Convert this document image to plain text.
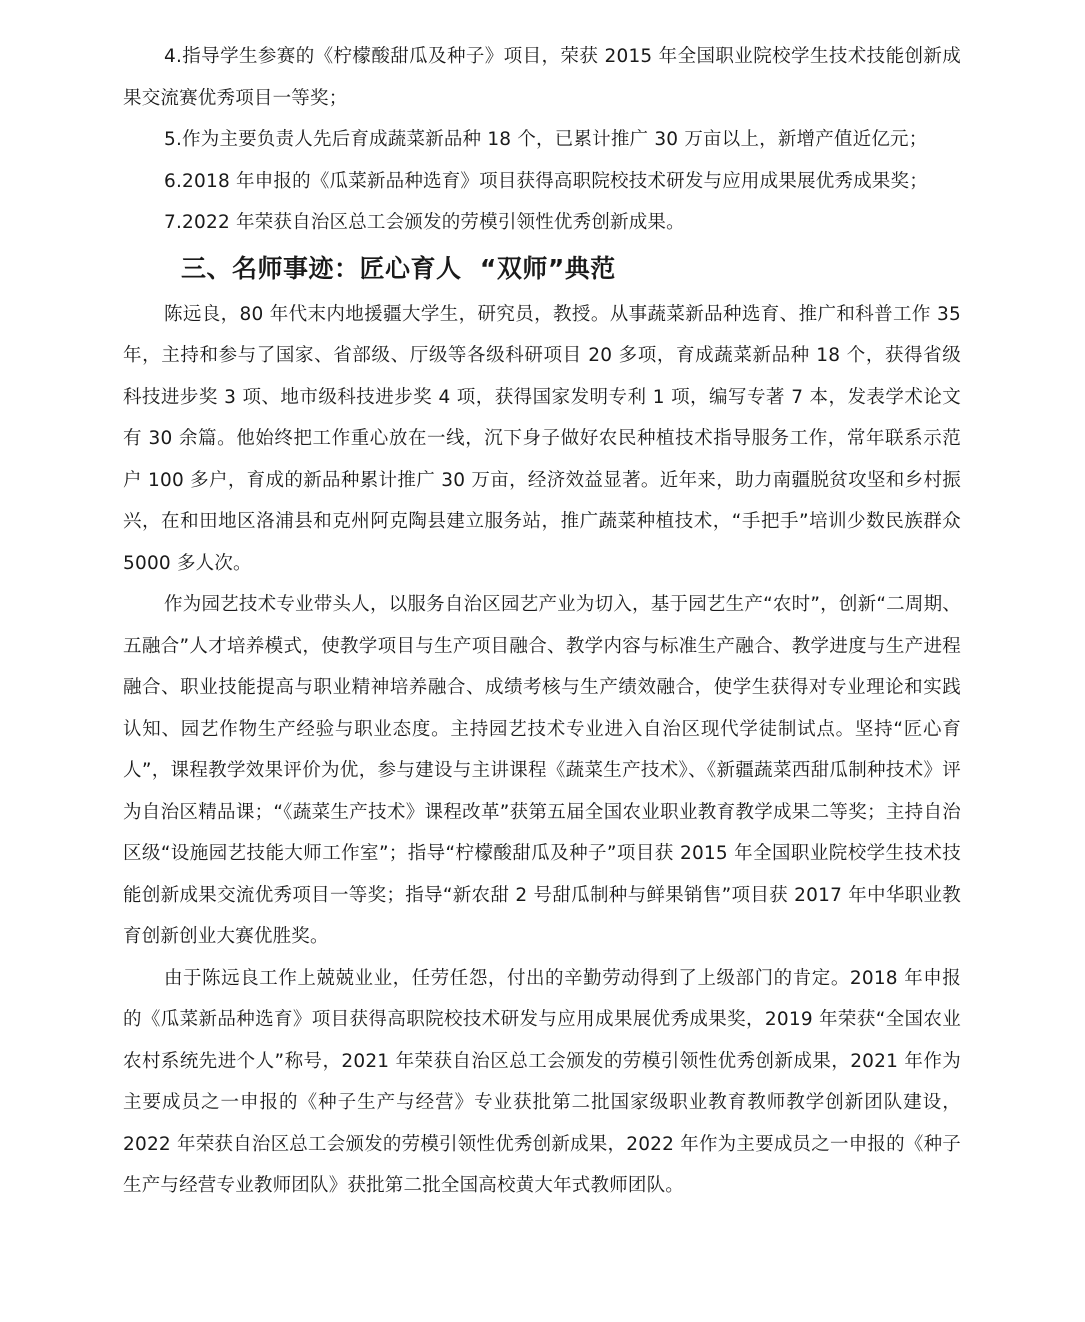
4.指导学生参赛的《柠檬酸甜瓜及种子》项目，荣获 2015 年全国职业院校学生技术技能创新成果交流赛优秀项目一等奖；

5.作为主要负责人先后育成蔬菜新品种 18 个，已累计推广 30 万亩以上，新增产值近亿元；

6.2018 年申报的《瓜菜新品种选育》项目获得高职院校技术研发与应用成果展优秀成果奖；

7.2022 年荣获自治区总工会颁发的劳模引领性优秀创新成果。

三、名师事迹：匠心育人  “双师”典范

陈远良，80 年代末内地援疆大学生，研究员，教授。从事蔬菜新品种选育、推广和科普工作 35 年，主持和参与了国家、省部级、厅级等各级科研项目 20 多项，育成蔬菜新品种 18 个，获得省级科技进步奖 3 项、地市级科技进步奖 4 项，获得国家发明专利 1 项，编写专著 7 本，发表学术论文有 30 余篇。他始终把工作重心放在一线，沉下身子做好农民种植技术指导服务工作，常年联系示范户 100 多户，育成的新品种累计推广 30 万亩，经济效益显著。近年来，助力南疆脱贫攻坚和乡村振兴，在和田地区洛浦县和克州阿克陶县建立服务站，推广蔬菜种植技术，“手把手”培训少数民族群众 5000 多人次。

作为园艺技术专业带头人，以服务自治区园艺产业为切入，基于园艺生产“农时”，创新“二周期、五融合”人才培养模式，使教学项目与生产项目融合、教学内容与标准生产融合、教学进度与生产进程融合、职业技能提高与职业精神培养融合、成绩考核与生产绩效融合，使学生获得对专业理论和实践认知、园艺作物生产经验与职业态度。主持园艺技术专业进入自治区现代学徒制试点。坚持“匠心育人”，课程教学效果评价为优，参与建设与主讲课程《蔬菜生产技术》、《新疆蔬菜西甜瓜制种技术》评为自治区精品课；“《蔬菜生产技术》课程改革”获第五届全国农业职业教育教学成果二等奖；主持自治区级“设施园艺技能大师工作室”；指导“柠檬酸甜瓜及种子”项目获 2015 年全国职业院校学生技术技能创新成果交流优秀项目一等奖；指导“新农甜 2 号甜瓜制种与鲜果销售”项目获 2017 年中华职业教育创新创业大赛优胜奖。

由于陈远良工作上兢兢业业，任劳任怨，付出的辛勤劳动得到了上级部门的肯定。2018 年申报的《瓜菜新品种选育》项目获得高职院校技术研发与应用成果展优秀成果奖，2019 年荣获“全国农业农村系统先进个人”称号，2021 年荣获自治区总工会颁发的劳模引领性优秀创新成果，2021 年作为主要成员之一申报的《种子生产与经营》专业获批第二批国家级职业教育教师教学创新团队建设，2022 年荣获自治区总工会颁发的劳模引领性优秀创新成果，2022 年作为主要成员之一申报的《种子生产与经营专业教师团队》获批第二批全国高校黄大年式教师团队。
